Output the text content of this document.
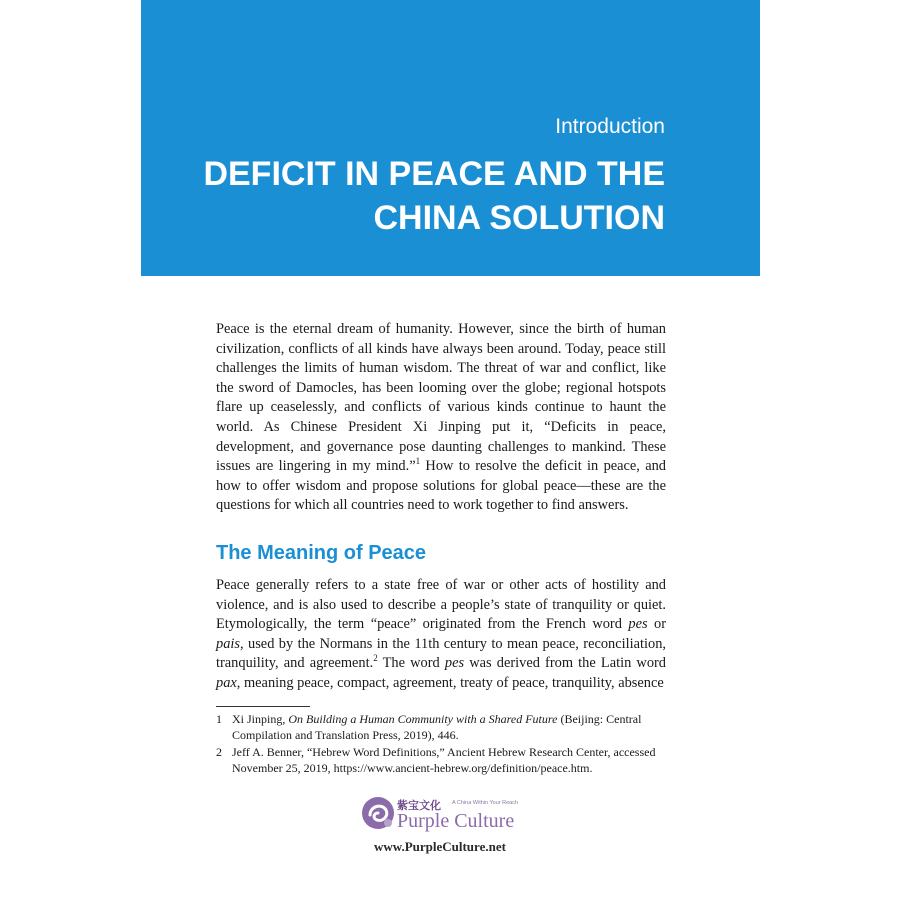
Introduction
DEFICIT IN PEACE AND THE
CHINA SOLUTION

Peace is the eternal dream of humanity. However, since the birth of human civilization, conflicts of all kinds have always been around. Today, peace still challenges the limits of human wisdom. The threat of war and conflict, like the sword of Damocles, has been looming over the globe; regional hotspots flare up ceaselessly, and conflicts of various kinds continue to haunt the world. As Chinese President Xi Jinping put it, “Deficits in peace, development, and governance pose daunting challenges to mankind. These issues are lingering in my mind.”$^1$ How to resolve the deficit in peace, and how to offer wisdom and propose solutions for global peace—these are the questions for which all countries need to work together to find answers.

The Meaning of Peace

Peace generally refers to a state free of war or other acts of hostility and violence, and is also used to describe a people’s state of tranquility or quiet. Etymologically, the term “peace” originated from the French word pes or pais, used by the Normans in the 11th century to mean peace, reconciliation, tranquility, and agreement.$^2$ The word pes was derived from the Latin word pax, meaning peace, compact, agreement, treaty of peace, tranquility, absence

1 Xi Jinping, On Building a Human Community with a Shared Future (Beijing: Central Compilation and Translation Press, 2019), 446.
2 Jeff A. Benner, “Hebrew Word Definitions,” Ancient Hebrew Research Center, accessed November 25, 2019, https://www.ancient-hebrew.org/definition/peace.htm.
紫宝文化 A China Within Your Reach
Purple Culture
www.PurpleCulture.net
